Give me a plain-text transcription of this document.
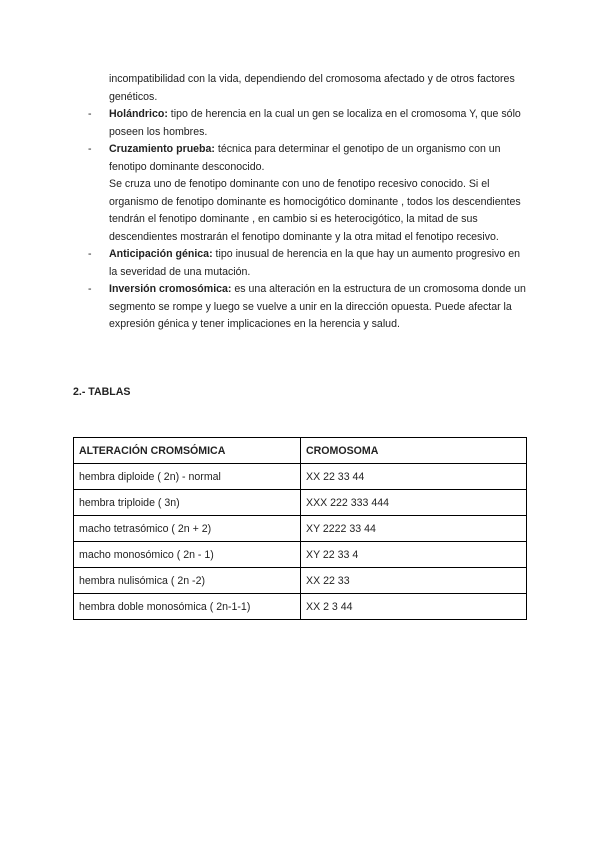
incompatibilidad con la vida, dependiendo del cromosoma afectado y de otros factores genéticos.
- Holándrico: tipo de herencia en la cual un gen se localiza en el cromosoma Y, que sólo poseen los hombres.
- Cruzamiento prueba: técnica para determinar el genotipo de un organismo con un fenotipo dominante desconocido.
Se cruza uno de fenotipo dominante con uno de fenotipo recesivo conocido. Si el organismo de fenotipo dominante es homocigótico dominante , todos los descendientes tendrán el fenotipo dominante , en cambio si es heterocigótico, la mitad de sus descendientes mostrarán el fenotipo dominante y la otra mitad el fenotipo recesivo.
- Anticipación génica: tipo inusual de herencia en la que hay un aumento progresivo en la severidad de una mutación.
- Inversión cromosómica: es una alteración en la estructura de un cromosoma donde un segmento se rompe y luego se vuelve a unir en la dirección opuesta. Puede afectar la expresión génica y tener implicaciones en la herencia y salud.
2.- TABLAS
ALTERACIÓN CROMSÓMICA	CROMOSOMA
hembra diploide ( 2n) - normal	XX 22 33 44
hembra triploide ( 3n)	XXX 222 333 444
macho tetrasómico ( 2n + 2)	XY 2222 33 44
macho monosómico ( 2n - 1)	XY 22 33 4
hembra nulisómica ( 2n -2)	XX 22 33
hembra doble monosómica ( 2n-1-1)	XX 2 3 44
